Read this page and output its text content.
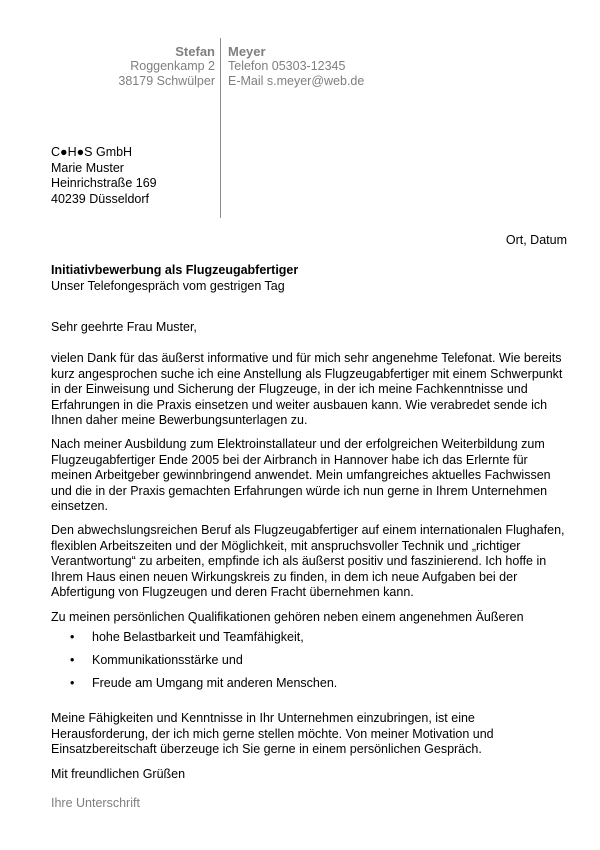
Stefan
Roggenkamp 2
38179 Schwülper
Meyer
Telefon 05303-12345
E-Mail s.meyer@web.de
C●H●S GmbH
Marie Muster
Heinrichstraße 169
40239 Düsseldorf
Ort, Datum
Initiativbewerbung als Flugzeugabfertiger
Unser Telefongespräch vom gestrigen Tag
Sehr geehrte Frau Muster,

vielen Dank für das äußerst informative und für mich sehr angenehme Telefonat. Wie bereits kurz angesprochen suche ich eine Anstellung als Flugzeugabfertiger mit einem Schwerpunkt in der Einweisung und Sicherung der Flugzeuge, in der ich meine Fachkenntnisse und Erfahrungen in die Praxis einsetzen und weiter ausbauen kann. Wie verabredet sende ich Ihnen daher meine Bewerbungsunterlagen zu.

Nach meiner Ausbildung zum Elektroinstallateur und der erfolgreichen Weiterbildung zum Flugzeugabfertiger Ende 2005 bei der Airbranch in Hannover habe ich das Erlernte für meinen Arbeitgeber gewinnbringend anwendet. Mein umfangreiches aktuelles Fachwissen und die in der Praxis gemachten Erfahrungen würde ich nun gerne in Ihrem Unternehmen einsetzen.

Den abwechslungsreichen Beruf als Flugzeugabfertiger auf einem internationalen Flughafen, flexiblen Arbeitszeiten und der Möglichkeit, mit anspruchsvoller Technik und „richtiger Verantwortung“ zu arbeiten, empfinde ich als äußerst positiv und faszinierend. Ich hoffe in Ihrem Haus einen neuen Wirkungskreis zu finden, in dem ich neue Aufgaben bei der Abfertigung von Flugzeugen und deren Fracht übernehmen kann.

Zu meinen persönlichen Qualifikationen gehören neben einem angenehmen Äußeren

• hohe Belastbarkeit und Teamfähigkeit,
• Kommunikationsstärke und
• Freude am Umgang mit anderen Menschen.

Meine Fähigkeiten und Kenntnisse in Ihr Unternehmen einzubringen, ist eine Herausforderung, der ich mich gerne stellen möchte. Von meiner Motivation und Einsatzbereitschaft überzeuge ich Sie gerne in einem persönlichen Gespräch.

Mit freundlichen Grüßen
Ihre Unterschrift
